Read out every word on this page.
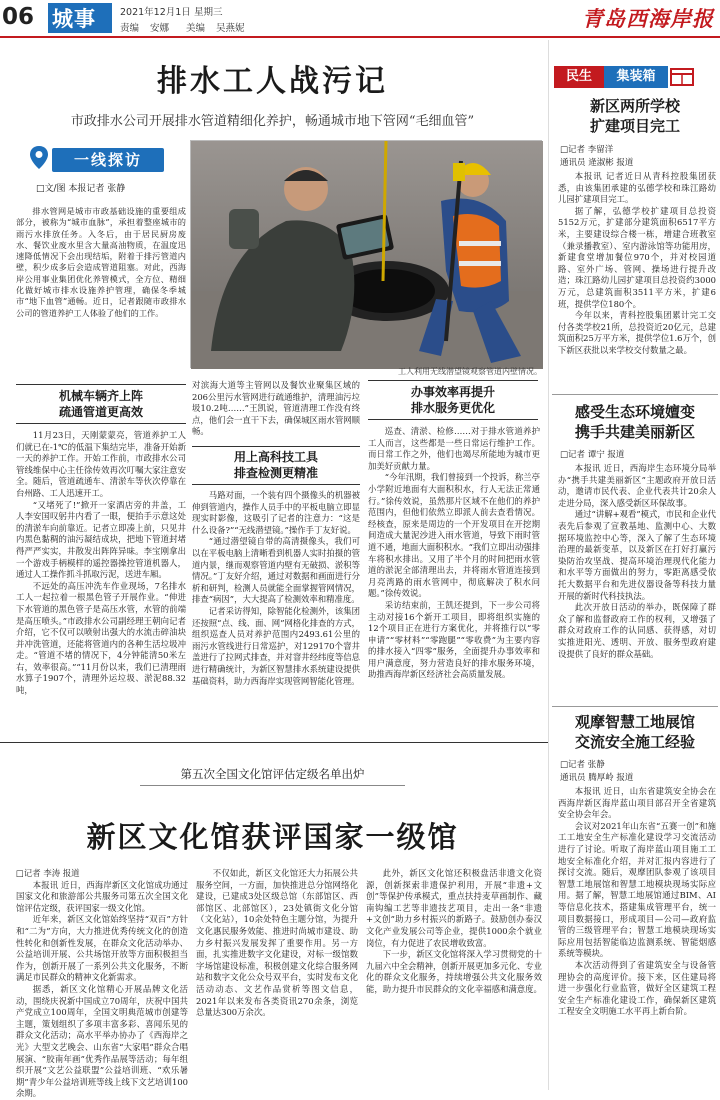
06 城事	2021年12月1日 星期三
责编 安娜 美编 吴燕妮	青岛西海岸报
排水工人战污记
市政排水公司开展排水管道精细化养护，畅通城市地下管网“毛细血管”
一线探访
□文/图 本报记者 张静

排水管网是城市市政基础设施的重要组成部分，被称为“城市血脉”，承担着整座城市的雨污水排放任务。入冬后，由于居民厨房废水、餐饮业废水里含大量高油物质，在温度迅速降低情况下会出现结垢，附着于排污管道内壁，积少成多后会造成管道阻塞。对此，西海岸公用事业集团优化养管模式，全方位、精细化做好城市排水设施养护管理，确保冬季城市“地下血管”通畅。近日，记者跟随市政排水公司的管道养护工人体验了他们的工作。

工人利用无线潜望镜观察管道内壁情况。
机械车辆齐上阵
疏通管道更高效

11月23日，天刚蒙蒙亮，管道养护工人们就已在-1℃的低温下集结完毕，准备开始新一天的养护工作。开始工作前，市政排水公司管线维保中心主任徐传效再次叮嘱大家注意安全。随后，管道疏通车、清淤车等伙次停靠在台州路、工人迅速开工。

“又堵死了!”掀开一家酒店旁的井盖，工人李安国叹躬井内看了一眼，便抬手示意这处的清淤车向前靠近。记者立即凑上前，只见井内黑色黏稠的油污凝结成块，把地下管道封堵得严严实实，井散发出阵阵异味。李宝刚拿出一个游戏手柄模样的遥控器操控管道机器人，通过人工操作抓斗抓取污泥，送进车厢。

不远处的高压冲洗车作业现场，7名排水工人一起拉着一根黑色管子开展作业。“伸进下水管道的黑色管子是高压水管，水管的前端是高压喷头。”市政排水公司副经理王朝向记者介绍，它不仅可以喷射出强大的水流击碎油块并冲洗管道，还能将管道内的各种生活垃圾冲走。“管道不堵的情况下，4分钟能清50米左右，效率很高。”“11月份以来，我们已清理雨水算子1907个，清理外运垃圾、淤泥88.32吨，

对滨海大道等主管网以及餐饮业聚集区域的206公里污水管网进行疏通维护，清理油污垃圾10.2吨……”王凯说，管道清理工作没有终点，他们会一直干下去，确保城区雨水管网顺畅。

用上高科技工具
排查检测更精准

马路对面，一个装有四个摄像头的机器被伸到管道内，操作人员手中的平板电脑立即显现实时影像，这吸引了记者的注意力：“这是什么设备?”“无线潜望镜。”操作手丁友好说。

“通过潜望镜自带的高清摄像头，我们可以在平板电脑上清晰看到机器人实时拍摄的管道内景，继而观察管道内壁有无破损、淤积等情况。”丁友好介绍，通过对数据和画面进行分析和研判，检测人员就能全面掌握管网情况，排查“病因”，大大提高了检测效率和精准度。

记者采访得知，除智能化检测外，该集团还按照“点、线、面、网”网格化排查的方式，组织巡查人员对养护范围内2493.61公里的雨污水管线进行日常巡护，对129170个窨井盖进行了拉网式排查，并对窨井经纬度等信息进行精确统计，为新区智慧排水系统建设提供基础资料，助力西海岸实现管网智能化管理。

办事效率再提升
排水服务更优化

巡查、清淤、检修……对于排水管道养护工人而言，这些都是一些日常运行维护工作。而日常工作之外，他们也竭尽所能地为城市更加美好贡献力量。

“今年汛期，我们曾接到一个投诉，称兰亭小学附近地面有大面积积水，行人无法正常通行。”徐传效说，虽然那片区域不在他们的养护范围内，但他们依然立即派人前去查看情况。经核查，原来是周边的一个开发项目在开挖期间造成大量泥沙进入雨水管道，导致下雨时管道不通，地面大面积积水。“我们立即出动强排车将积水排出。又用了半个月的时间把雨水管道的淤泥全部清理出去，并将雨水管道连接到月亮湾路的雨水管网中，彻底解决了积水问题。”徐传效说。

采访结束前，王凯还提到，下一步公司将主动对接16个新开工项目，即将组织实施的12个项目正在进行方案优化，并将推行以“零申请”“零材料”“零跑腿”“零收费”为主要内容的排水接入“四零”服务，全面提升办事效率和用户满意度，努力营造良好的排水服务环境，助推西海岸新区经济社会高质量发展。

第五次全国文化馆评估定级名单出炉
新区文化馆获评国家一级馆

□记者 李涛 报道

本报讯 近日，西海岸新区文化馆成功通过国家文化和旅游部公共服务司第五次全国文化馆评估定级，获评国家一级文化馆。

近年来，新区文化馆始终坚持“双百”方针和“二为”方向，大力推进优秀传统文化的创造性转化和创新性发展，在群众文化活动举办、公益培训开展、公共场馆开放等方面积极担当作为，创新开展了一系列公共文化服务，不断满足市民群众的精神文化新需求。

据悉，新区文化馆精心开展品牌文化活动，围绕庆祝新中国成立70周年，庆祝中国共产党成立100周年，全国文明典范城市创建等主题，策划组织了多项丰富多彩、喜闻乐见的群众文化活动；高水平举办协办了《西海岸之光》大型文艺晚会、山东省“大家唱”群众合唱展演、“胶南年画”优秀作品展等活动；每年组织开展“文艺公益联盟”公益培训班、“欢乐暑期”青少年公益培训班等线上线下文艺培训100余期。

不仅如此，新区文化馆还大力拓展公共服务空间，一方面，加快推进总分馆网络化建设，已建成3处区级总馆（东部馆区、西部馆区、北部馆区），23处镇街文化分馆（文化站），10余处特色主题分馆，为提升文化惠民服务效能、推进时尚城市建设、助力乡村振兴发展发挥了重要作用。另一方面，扎实推进数字文化建设，对标一级馆数字场馆建设标准，积极创建文化综合服务网站和数字文化公众号双平台，实时发布文化活动动态、文艺作品赏析等图文信息，2021年以来发布各类资讯270余条，浏览总量达300万余次。

此外，新区文化馆还积极盘活非遗文化资源，创新探索非遗保护利用，开展“非遗+文创”等保护传承模式，重点扶持麦草画制作、藏南钩编工艺等非遗技艺项目，走出一条“非遗+文创”助力乡村振兴的新路子。鼓励创办泰汉文化产业发展公司等企业，提供1000余个就业岗位，有力促进了农民增收致富。

下一步，新区文化馆将深入学习贯彻党的十九届六中全会精神，创新开展更加多元化、专业化的群众文化服务，持续增强公共文化服务效能，助力提升市民群众的文化幸福感和满意度。

民生	集装箱
新区两所学校
扩建项目完工
□记者 李留洋
通讯员 逄淑彬 报道

本报讯 记者近日从青科控股集团获悉，由该集团承建的弘德学校和珠江路幼儿园扩建项目完工。

据了解，弘德学校扩建项目总投资5152万元，扩建部分建筑面积6517平方米，主要建设综合楼一栋，增建合班教室（兼录播教室）、室内游泳馆等功能用房，新建食堂增加餐位970个，并对校园道路、室外广场、管网、操场进行提升改造；珠江路幼儿园扩建项目总投资约3000万元，总建筑面积3511平方米，扩建6班，提供学位180个。

今年以来，青科控股集团累计完工交付各类学校21所，总投资近20亿元，总建筑面积25万平方米，提供学位1.6万个，创下新区获批以来学校交付数量之最。

感受生态环境嬗变
携手共建美丽新区
□记者 谭宁 报道

本报讯 近日，西海岸生态环境分局举办“携手共建美丽新区”主题政府开放日活动，邀请市民代表、企业代表共计20余人走进分局，深入感受新区环保故事。

通过“讲解+观看”模式，市民和企业代表先后参观了宣教基地、监测中心、大数据环境监控中心等，深入了解了生态环境治理的最新变革，以及新区在打好打赢污染防治攻坚战、提高环境治理现代化能力和水平等方面做出的努力，零距离感受依托大数据平台和先进仪器设备等科技力量开展的新时代科技执法。

此次开放日活动的举办，既保障了群众了解和监督政府工作的权利，又增强了群众对政府工作的认同感、获得感，对切实推进阳光、透明、开放、服务型政府建设提供了良好的群众基础。

观摩智慧工地展馆
交流安全施工经验
□记者 张静
通讯员 腾厚岭 报道

本报讯 近日，山东省建筑安全协会在西海岸新区海岸蓝山项目部召开全省建筑安全协会年会。

会议对2021年山东省“五赛一创”和施工工地安全生产标准化建设学习交流活动进行了讨论。听取了海岸蓝山项目施工工地安全标准化介绍，并对汇报内容进行了探讨交流。随后，观摩团队参观了该项目智慧工地展馆和智慧工地模块现场实际应用。据了解，智慧工地展馆通过BIM、AI等信息化技术，搭建集成管理平台，统一项目数据接口，形成项目—公司—政府监管的三级管理平台；智慧工地模块现场实际应用包括智能临边监测系统、智能烟感系统等模块。

本次活动得到了省建筑安全与设备管理协会的高度评价。接下来，区住建局将进一步强化行业监管，做好全区建筑工程安全生产标准化建设工作，确保新区建筑工程安全文明施工水平再上新台阶。
